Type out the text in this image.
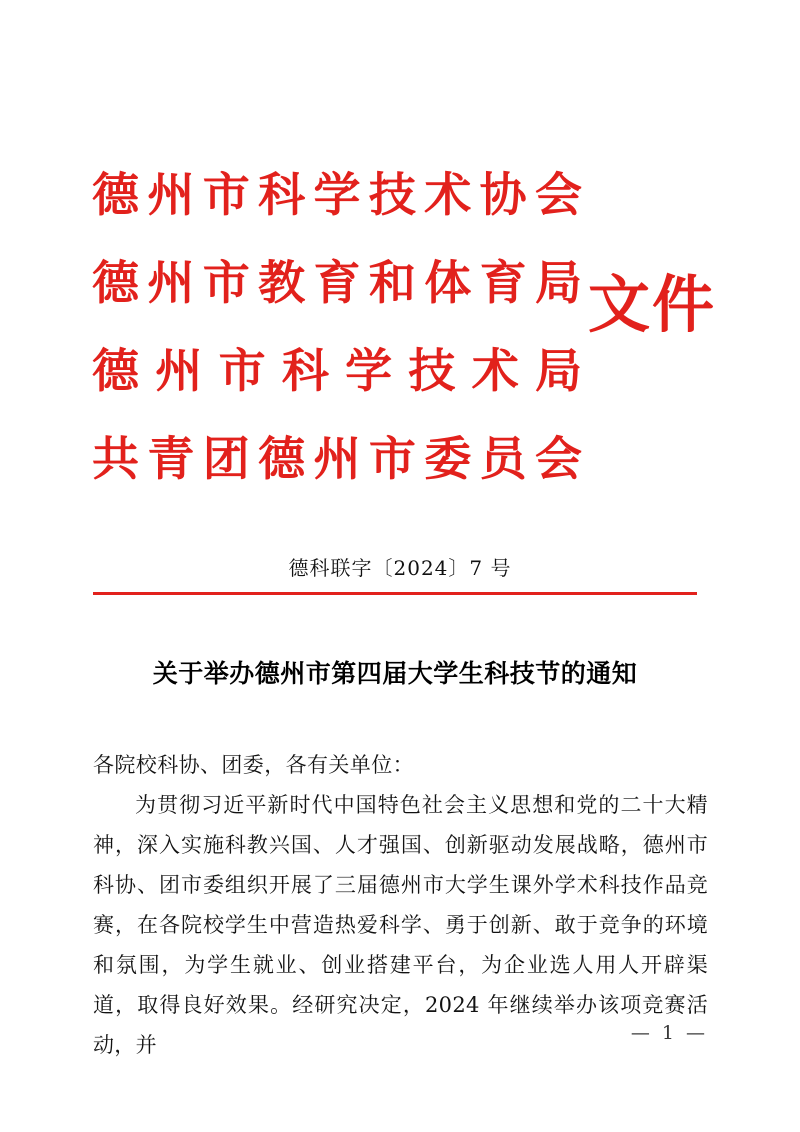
德 州 市 科 学 技 术 协 会
德 州 市 教 育 和 体 育 局
德 州 市 科 学 技 术 局
共 青 团 德 州 市 委 员 会
文件
德科联字〔2024〕7 号
关于举办德州市第四届大学生科技节的通知

各院校科协、团委，各有关单位：

为贯彻习近平新时代中国特色社会主义思想和党的二十大精神，深入实施科教兴国、人才强国、创新驱动发展战略，德州市科协、团市委组织开展了三届德州市大学生课外学术科技作品竞赛，在各院校学生中营造热爱科学、勇于创新、敢于竞争的环境和氛围，为学生就业、创业搭建平台，为企业选人用人开辟渠道，取得良好效果。经研究决定，2024 年继续举办该项竞赛活动，并	— 1 —
